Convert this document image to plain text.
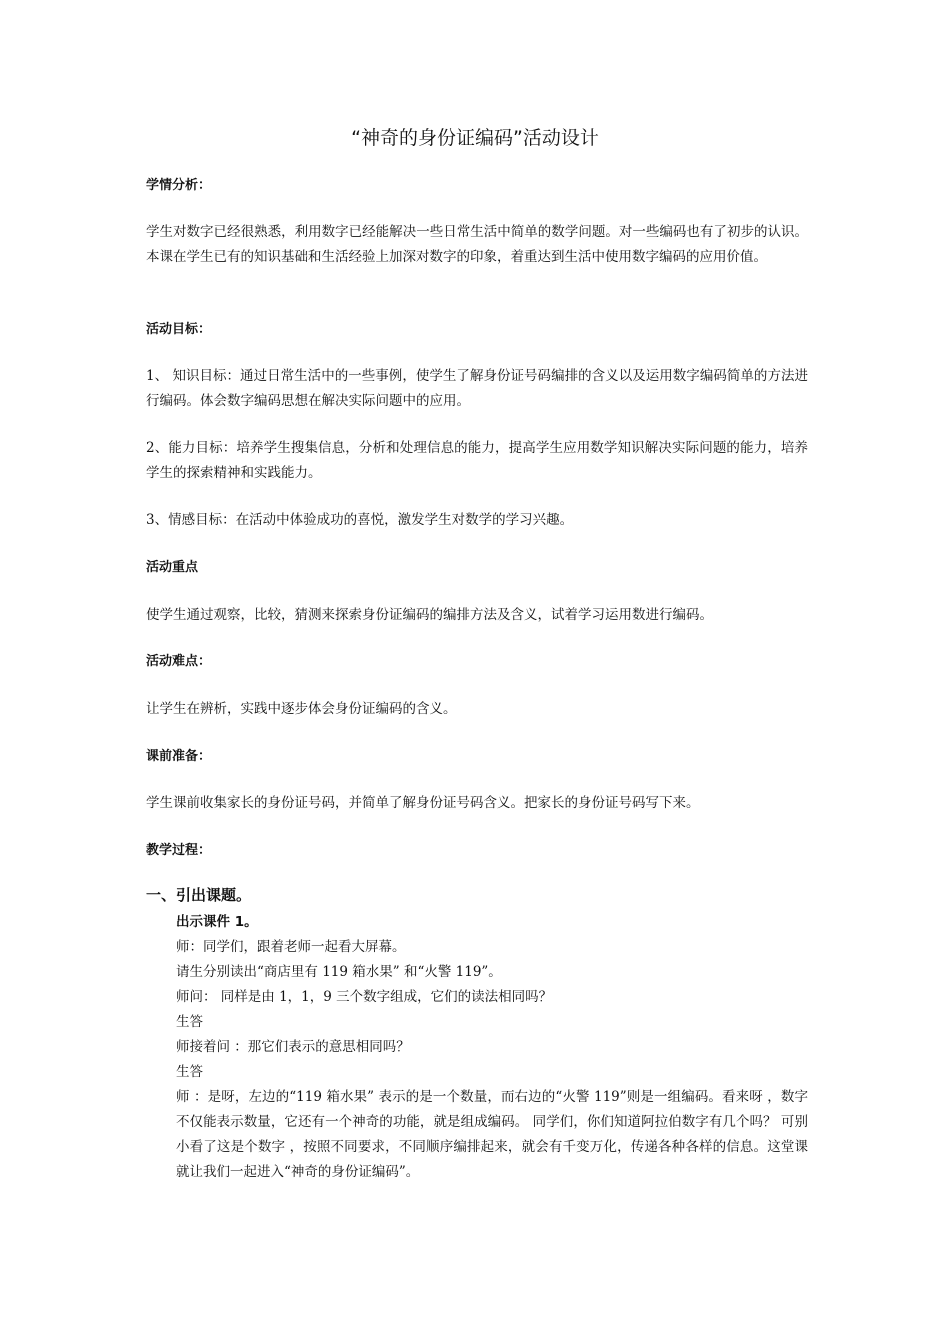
“神奇的身份证编码”活动设计

学情分析：

学生对数字已经很熟悉，利用数字已经能解决一些日常生活中简单的数学问题。对一些编码也有了初步的认识。本课在学生已有的知识基础和生活经验上加深对数字的印象，着重达到生活中使用数字编码的应用价值。

活动目标：

1、 知识目标：通过日常生活中的一些事例，使学生了解身份证号码编排的含义以及运用数字编码简单的方法进行编码。体会数字编码思想在解决实际问题中的应用。

2、能力目标：培养学生搜集信息，分析和处理信息的能力，提高学生应用数学知识解决实际问题的能力，培养学生的探索精神和实践能力。

3、情感目标：在活动中体验成功的喜悦，激发学生对数学的学习兴趣。

活动重点

使学生通过观察，比较，猜测来探索身份证编码的编排方法及含义，试着学习运用数进行编码。

活动难点：

让学生在辨析，实践中逐步体会身份证编码的含义。

课前准备：

学生课前收集家长的身份证号码，并简单了解身份证号码含义。把家长的身份证号码写下来。

教学过程：

一、引出课题。

出示课件 1。

师：同学们，跟着老师一起看大屏幕。

请生分别读出“商店里有 119 箱水果” 和“火警 119”。

师问： 同样是由 1，1，9 三个数字组成，它们的读法相同吗？

生答

师接着问 ：那它们表示的意思相同吗？

生答

师 ：是呀，左边的“119 箱水果” 表示的是一个数量，而右边的“火警 119”则是一组编码。看来呀 ，数字不仅能表示数量，它还有一个神奇的功能，就是组成编码。 同学们，你们知道阿拉伯数字有几个吗？ 可别小看了这是个数字 ，按照不同要求，不同顺序编排起来，就会有千变万化，传递各种各样的信息。这堂课就让我们一起进入“神奇的身份证编码”。
